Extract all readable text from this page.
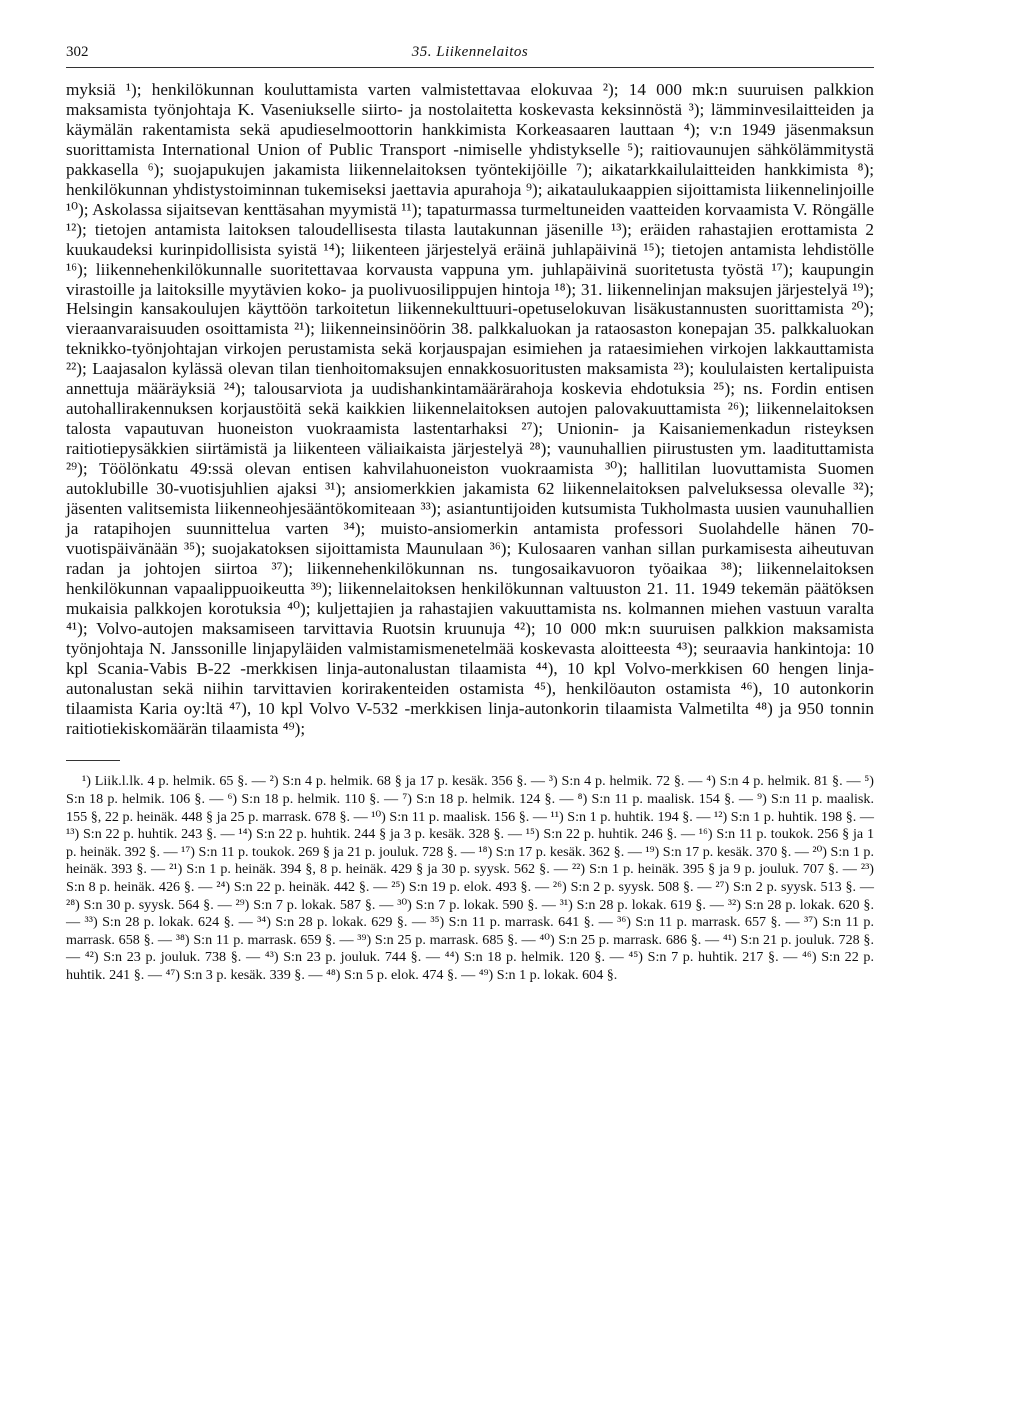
302	35. Liikennelaitos

myksiä ¹); henkilökunnan kouluttamista varten valmistettavaa elokuvaa ²); 14 000 mk:n suuruisen palkkion maksamista työnjohtaja K. Vaseniukselle siirto- ja nostolaitetta koskevasta keksinnöstä ³); lämminvesilaitteiden ja käymälän rakentamista sekä apudieselmoottorin hankkimista Korkeasaaren lauttaan ⁴); v:n 1949 jäsenmaksun suorittamista International Union of Public Transport -nimiselle yhdistykselle ⁵); raitiovaunujen sähkölämmitystä pakkasella ⁶); suojapukujen jakamista liikennelaitoksen työntekijöille ⁷); aikatarkkailulaitteiden hankkimista ⁸); henkilökunnan yhdistystoiminnan tukemiseksi jaettavia apurahoja ⁹); aikataulukaappien sijoittamista liikennelinjoille ¹⁰); Askolassa sijaitsevan kenttäsahan myymistä ¹¹); tapaturmassa turmeltuneiden vaatteiden korvaamista V. Röngälle ¹²); tietojen antamista laitoksen taloudellisesta tilasta lautakunnan jäsenille ¹³); eräiden rahastajien erottamista 2 kuukaudeksi kurinpidollisista syistä ¹⁴); liikenteen järjestelyä eräinä juhlapäivinä ¹⁵); tietojen antamista lehdistölle ¹⁶); liikennehenkilökunnalle suoritettavaa korvausta vappuna ym. juhlapäivinä suoritetusta työstä ¹⁷); kaupungin virastoille ja laitoksille myytävien koko- ja puolivuosilippujen hintoja ¹⁸); 31. liikennelinjan maksujen järjestelyä ¹⁹); Helsingin kansakoulujen käyttöön tarkoitetun liikennekulttuuri-opetuselokuvan lisäkustannusten suorittamista ²⁰); vieraanvaraisuuden osoittamista ²¹); liikenneinsinöörin 38. palkkaluokan ja rataosaston konepajan 35. palkkaluokan teknikko-työnjohtajan virkojen perustamista sekä korjauspajan esimiehen ja rataesimiehen virkojen lakkauttamista ²²); Laajasalon kylässä olevan tilan tienhoitomaksujen ennakkosuoritusten maksamista ²³); koululaisten kertalipuista annettuja määräyksiä ²⁴); talousarviota ja uudishankintamäärärahoja koskevia ehdotuksia ²⁵); ns. Fordin entisen autohallirakennuksen korjaustöitä sekä kaikkien liikennelaitoksen autojen palovakuuttamista ²⁶); liikennelaitoksen talosta vapautuvan huoneiston vuokraamista lastentarhaksi ²⁷); Unionin- ja Kaisaniemenkadun risteyksen raitiotiepysäkkien siirtämistä ja liikenteen väliaikaista järjestelyä ²⁸); vaunuhallien piirustusten ym. laadituttamista ²⁹); Töölönkatu 49:ssä olevan entisen kahvilahuoneiston vuokraamista ³⁰); hallitilan luovuttamista Suomen autoklubille 30-vuotisjuhlien ajaksi ³¹); ansiomerkkien jakamista 62 liikennelaitoksen palveluksessa olevalle ³²); jäsenten valitsemista liikenneohjesääntökomiteaan ³³); asiantuntijoiden kutsumista Tukholmasta uusien vaunuhallien ja ratapihojen suunnittelua varten ³⁴); muisto-ansiomerkin antamista professori Suolahdelle hänen 70-vuotispäivänään ³⁵); suojakatoksen sijoittamista Maunulaan ³⁶); Kulosaaren vanhan sillan purkamisesta aiheutuvan radan ja johtojen siirtoa ³⁷); liikennehenkilökunnan ns. tungosaikavuoron työaikaa ³⁸); liikennelaitoksen henkilökunnan vapaalippuoikeutta ³⁹); liikennelaitoksen henkilökunnan valtuuston 21. 11. 1949 tekemän päätöksen mukaisia palkkojen korotuksia ⁴⁰); kuljettajien ja rahastajien vakuuttamista ns. kolmannen miehen vastuun varalta ⁴¹); Volvo-autojen maksamiseen tarvittavia Ruotsin kruunuja ⁴²); 10 000 mk:n suuruisen palkkion maksamista työnjohtaja N. Janssonille linjapyläiden valmistamismenetelmää koskevasta aloitteesta ⁴³); seuraavia hankintoja: 10 kpl Scania-Vabis B-22 -merkkisen linja-autonalustan tilaamista ⁴⁴), 10 kpl Volvo-merkkisen 60 hengen linja-autonalustan sekä niihin tarvittavien korirakenteiden ostamista ⁴⁵), henkilöauton ostamista ⁴⁶), 10 autonkorin tilaamista Karia oy:ltä ⁴⁷), 10 kpl Volvo V-532 -merkkisen linja-autonkorin tilaamista Valmetilta ⁴⁸) ja 950 tonnin raitiotiekiskomäärän tilaamista ⁴⁹);

¹) Liik.l.lk. 4 p. helmik. 65 §. — ²) S:n 4 p. helmik. 68 § ja 17 p. kesäk. 356 §. — ³) S:n 4 p. helmik. 72 §. — ⁴) S:n 4 p. helmik. 81 §. — ⁵) S:n 18 p. helmik. 106 §. — ⁶) S:n 18 p. helmik. 110 §. — ⁷) S:n 18 p. helmik. 124 §. — ⁸) S:n 11 p. maalisk. 154 §. — ⁹) S:n 11 p. maalisk. 155 §, 22 p. heinäk. 448 § ja 25 p. marrask. 678 §. — ¹⁰) S:n 11 p. maalisk. 156 §. — ¹¹) S:n 1 p. huhtik. 194 §. — ¹²) S:n 1 p. huhtik. 198 §. — ¹³) S:n 22 p. huhtik. 243 §. — ¹⁴) S:n 22 p. huhtik. 244 § ja 3 p. kesäk. 328 §. — ¹⁵) S:n 22 p. huhtik. 246 §. — ¹⁶) S:n 11 p. toukok. 256 § ja 1 p. heinäk. 392 §. — ¹⁷) S:n 11 p. toukok. 269 § ja 21 p. jouluk. 728 §. — ¹⁸) S:n 17 p. kesäk. 362 §. — ¹⁹) S:n 17 p. kesäk. 370 §. — ²⁰) S:n 1 p. heinäk. 393 §. — ²¹) S:n 1 p. heinäk. 394 §, 8 p. heinäk. 429 § ja 30 p. syysk. 562 §. — ²²) S:n 1 p. heinäk. 395 § ja 9 p. jouluk. 707 §. — ²³) S:n 8 p. heinäk. 426 §. — ²⁴) S:n 22 p. heinäk. 442 §. — ²⁵) S:n 19 p. elok. 493 §. — ²⁶) S:n 2 p. syysk. 508 §. — ²⁷) S:n 2 p. syysk. 513 §. — ²⁸) S:n 30 p. syysk. 564 §. — ²⁹) S:n 7 p. lokak. 587 §. — ³⁰) S:n 7 p. lokak. 590 §. — ³¹) S:n 28 p. lokak. 619 §. — ³²) S:n 28 p. lokak. 620 §. — ³³) S:n 28 p. lokak. 624 §. — ³⁴) S:n 28 p. lokak. 629 §. — ³⁵) S:n 11 p. marrask. 641 §. — ³⁶) S:n 11 p. marrask. 657 §. — ³⁷) S:n 11 p. marrask. 658 §. — ³⁸) S:n 11 p. marrask. 659 §. — ³⁹) S:n 25 p. marrask. 685 §. — ⁴⁰) S:n 25 p. marrask. 686 §. — ⁴¹) S:n 21 p. jouluk. 728 §. — ⁴²) S:n 23 p. jouluk. 738 §. — ⁴³) S:n 23 p. jouluk. 744 §. — ⁴⁴) S:n 18 p. helmik. 120 §. — ⁴⁵) S:n 7 p. huhtik. 217 §. — ⁴⁶) S:n 22 p. huhtik. 241 §. — ⁴⁷) S:n 3 p. kesäk. 339 §. — ⁴⁸) S:n 5 p. elok. 474 §. — ⁴⁹) S:n 1 p. lokak. 604 §.
